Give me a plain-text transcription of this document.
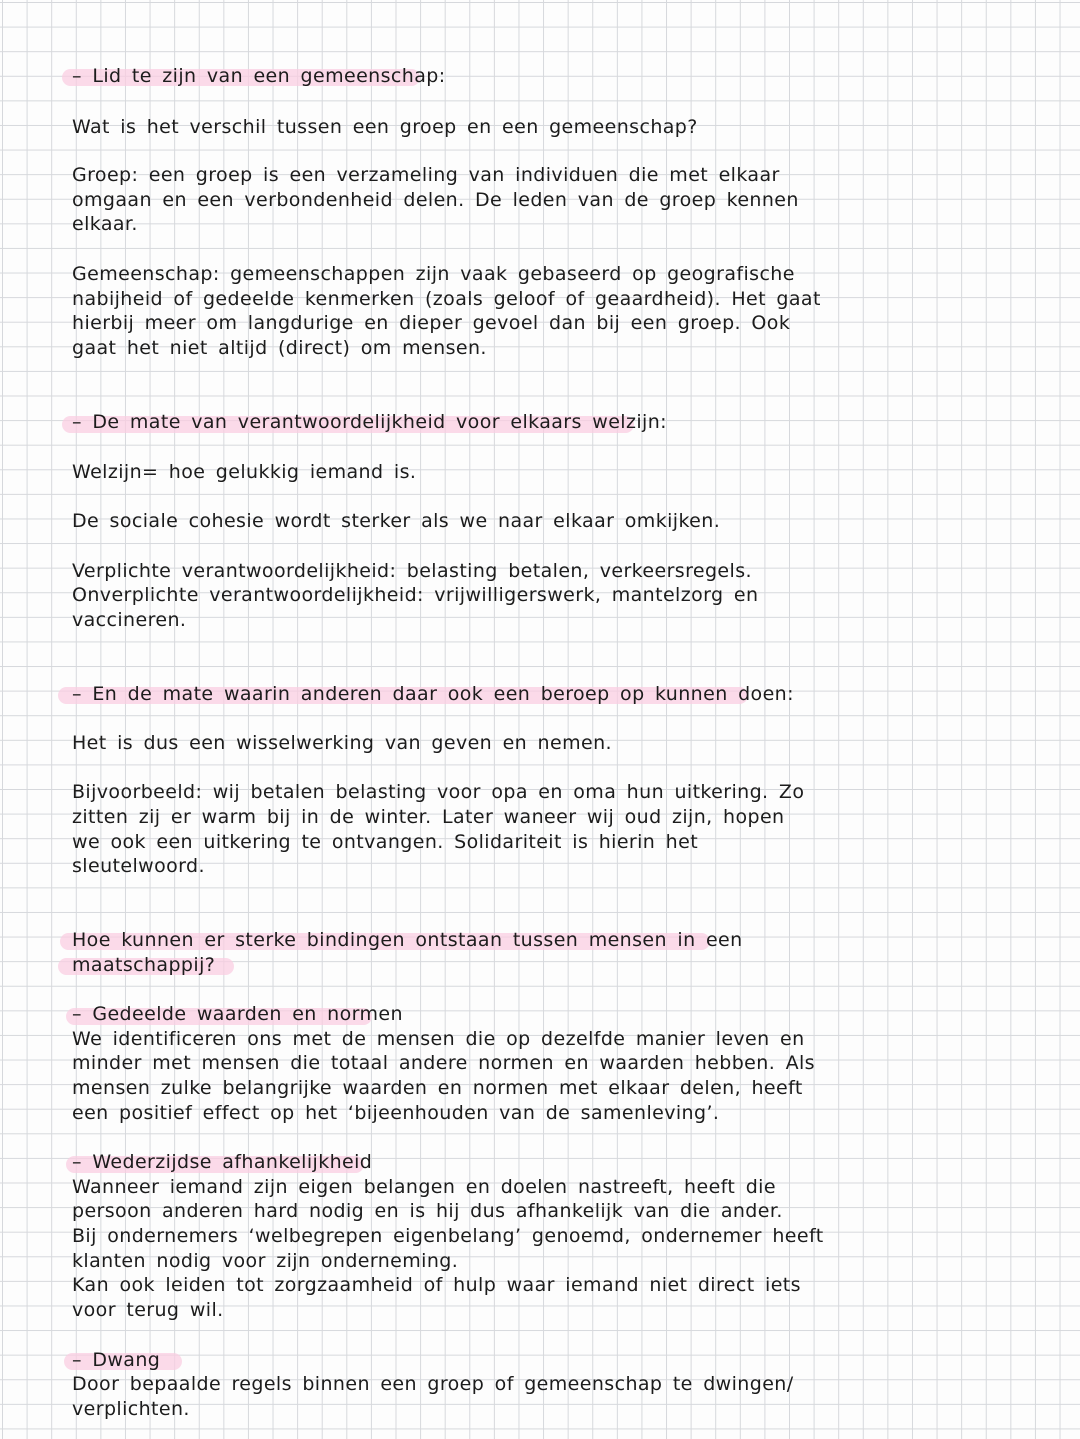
– Lid te zijn van een gemeenschap:
Wat is het verschil tussen een groep en een gemeenschap?
Groep: een groep is een verzameling van individuen die met elkaar
omgaan en een verbondenheid delen. De leden van de groep kennen
elkaar.
Gemeenschap: gemeenschappen zijn vaak gebaseerd op geografische
nabijheid of gedeelde kenmerken (zoals geloof of geaardheid). Het gaat
hierbij meer om langdurige en dieper gevoel dan bij een groep. Ook
gaat het niet altijd (direct) om mensen.
– De mate van verantwoordelijkheid voor elkaars welzijn:
Welzijn= hoe gelukkig iemand is.
De sociale cohesie wordt sterker als we naar elkaar omkijken.
Verplichte verantwoordelijkheid: belasting betalen, verkeersregels.
Onverplichte verantwoordelijkheid: vrijwilligerswerk, mantelzorg en
vaccineren.
– En de mate waarin anderen daar ook een beroep op kunnen doen:
Het is dus een wisselwerking van geven en nemen.
Bijvoorbeeld: wij betalen belasting voor opa en oma hun uitkering. Zo
zitten zij er warm bij in de winter. Later waneer wij oud zijn, hopen
we ook een uitkering te ontvangen. Solidariteit is hierin het
sleutelwoord.
Hoe kunnen er sterke bindingen ontstaan tussen mensen in een
maatschappij?
– Gedeelde waarden en normen
We identificeren ons met de mensen die op dezelfde manier leven en
minder met mensen die totaal andere normen en waarden hebben. Als
mensen zulke belangrijke waarden en normen met elkaar delen, heeft
een positief effect op het ‘bijeenhouden van de samenleving’.
– Wederzijdse afhankelijkheid
Wanneer iemand zijn eigen belangen en doelen nastreeft, heeft die
persoon anderen hard nodig en is hij dus afhankelijk van die ander.
Bij ondernemers ‘welbegrepen eigenbelang’ genoemd, ondernemer heeft
klanten nodig voor zijn onderneming.
Kan ook leiden tot zorgzaamheid of hulp waar iemand niet direct iets
voor terug wil.
– Dwang
Door bepaalde regels binnen een groep of gemeenschap te dwingen/
verplichten.
